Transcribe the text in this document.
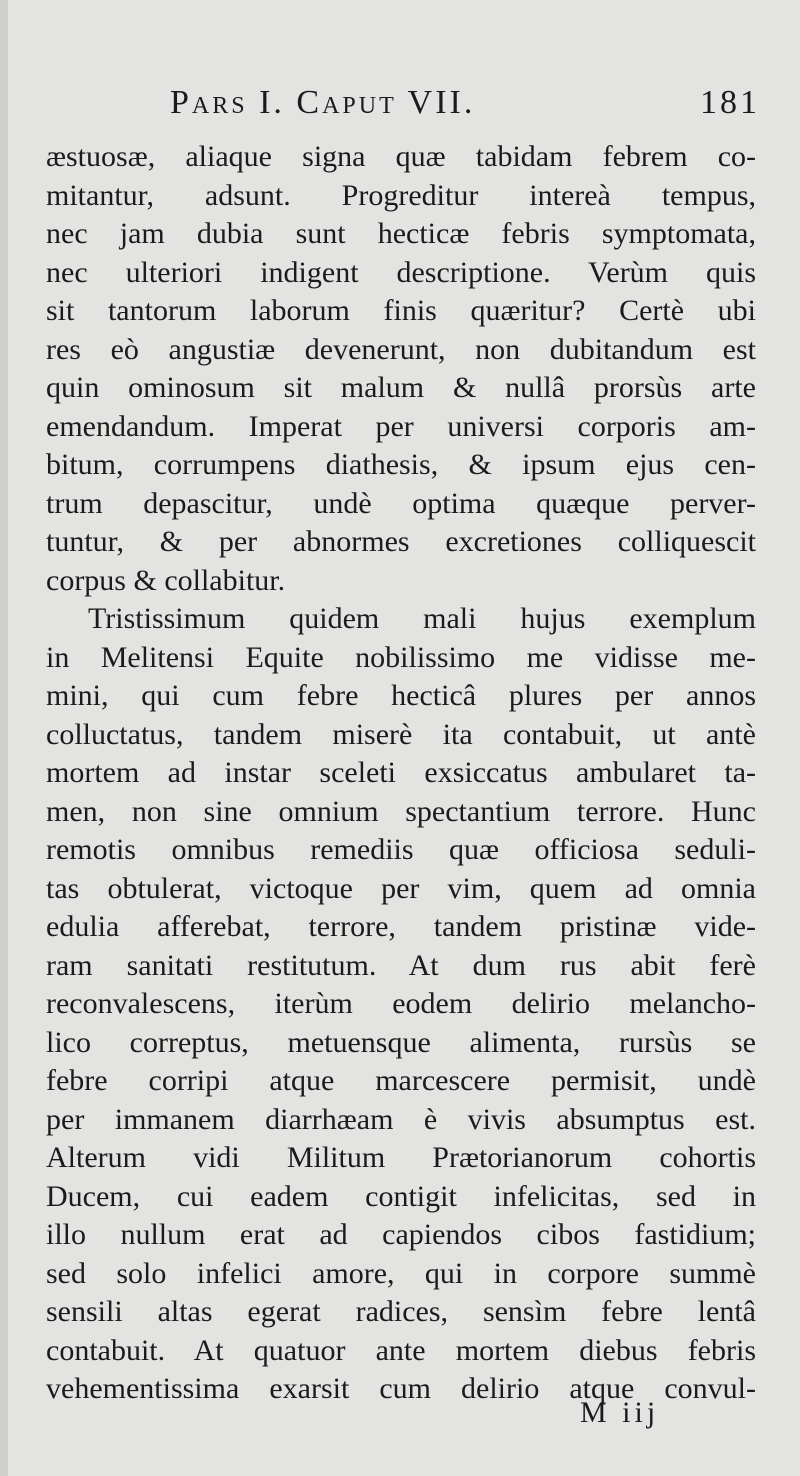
Pars I. Caput VII.	181
æstuosæ, aliaque signa quæ tabidam febrem co-
mitantur, adsunt. Progreditur intereà tempus,
nec jam dubia sunt hecticæ febris symptomata,
nec ulteriori indigent descriptione. Verùm quis
sit tantorum laborum finis quæritur? Certè ubi
res eò angustiæ devenerunt, non dubitandum est
quin ominosum sit malum & nullâ prorsùs arte
emendandum. Imperat per universi corporis am-
bitum, corrumpens diathesis, & ipsum ejus cen-
trum depascitur, undè optima quæque perver-
tuntur, & per abnormes excretiones colliquescit
corpus & collabitur.
Tristissimum quidem mali hujus exemplum
in Melitensi Equite nobilissimo me vidisse me-
mini, qui cum febre hecticâ plures per annos
colluctatus, tandem miserè ita contabuit, ut antè
mortem ad instar sceleti exsiccatus ambularet ta-
men, non sine omnium spectantium terrore. Hunc
remotis omnibus remediis quæ officiosa seduli-
tas obtulerat, victoque per vim, quem ad omnia
edulia afferebat, terrore, tandem pristinæ vide-
ram sanitati restitutum. At dum rus abit ferè
reconvalescens, iterùm eodem delirio melancho-
lico correptus, metuensque alimenta, rursùs se
febre corripi atque marcescere permisit, undè
per immanem diarrhæam è vivis absumptus est.
Alterum vidi Militum Prætorianorum cohortis
Ducem, cui eadem contigit infelicitas, sed in
illo nullum erat ad capiendos cibos fastidium;
sed solo infelici amore, qui in corpore summè
sensili altas egerat radices, sensìm febre lentâ
contabuit. At quatuor ante mortem diebus febris
vehementissima exarsit cum delirio atque convul-
M iij
